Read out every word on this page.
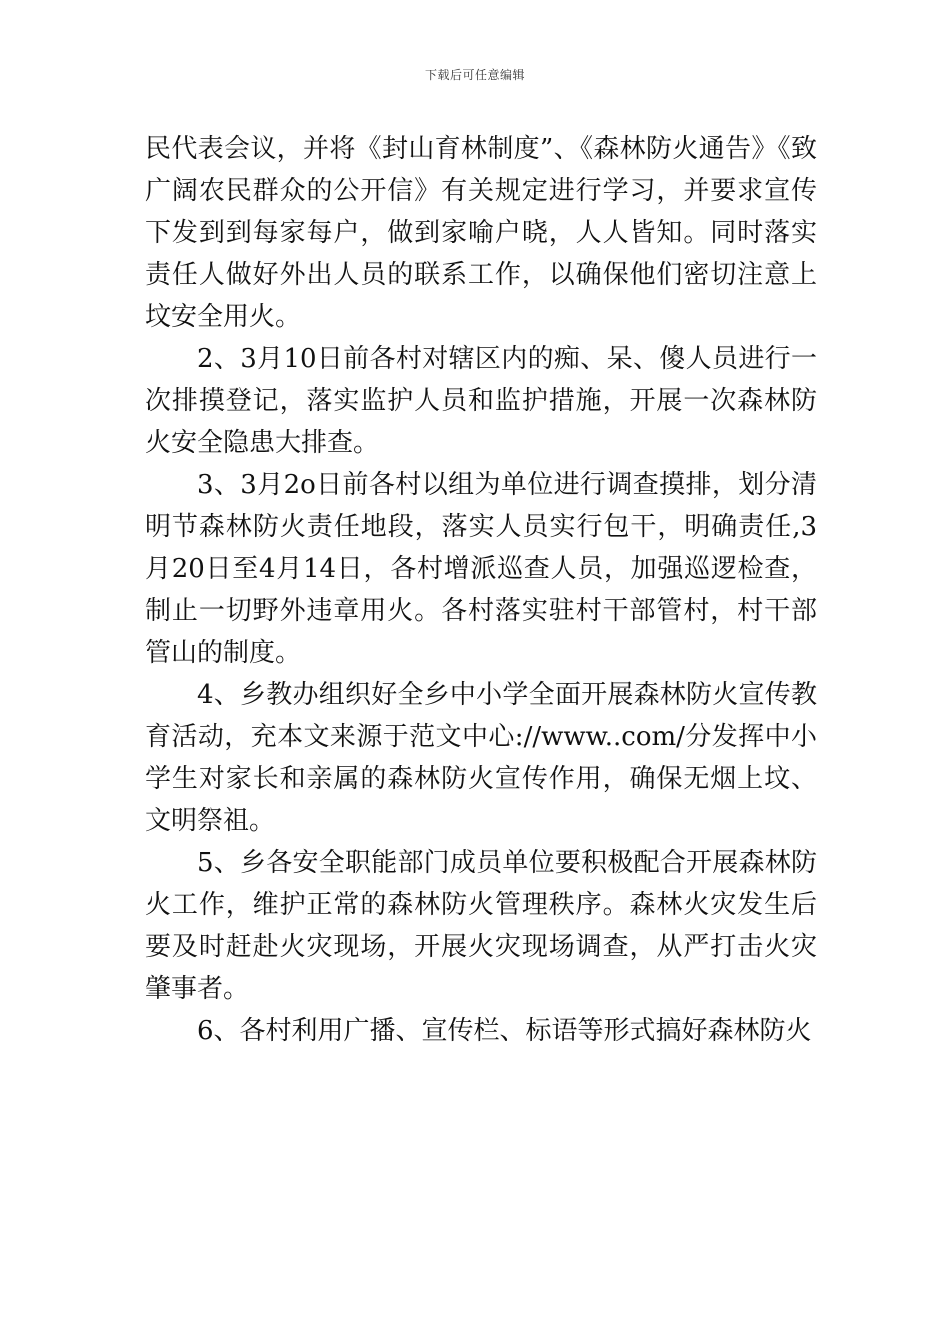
下载后可任意编辑

民代表会议，并将《封山育林制度”、《森林防火通告》《致广阔农民群众的公开信》有关规定进行学习，并要求宣传下发到到每家每户，做到家喻户晓，人人皆知。同时落实责任人做好外出人员的联系工作，以确保他们密切注意上坟安全用火。

2、3月10日前各村对辖区内的痴、呆、傻人员进行一次排摸登记，落实监护人员和监护措施，开展一次森林防火安全隐患大排查。

3、3月2o日前各村以组为单位进行调查摸排，划分清明节森林防火责任地段，落实人员实行包干，明确责任,3月20日至4月14日，各村增派巡查人员，加强巡逻检查，制止一切野外违章用火。各村落实驻村干部管村，村干部管山的制度。

4、乡教办组织好全乡中小学全面开展森林防火宣传教育活动，充本文来源于范文中心://www..com/分发挥中小学生对家长和亲属的森林防火宣传作用，确保无烟上坟、文明祭祖。

5、乡各安全职能部门成员单位要积极配合开展森林防火工作，维护正常的森林防火管理秩序。森林火灾发生后要及时赶赴火灾现场，开展火灾现场调查，从严打击火灾肇事者。

6、各村利用广播、宣传栏、标语等形式搞好森林防火
